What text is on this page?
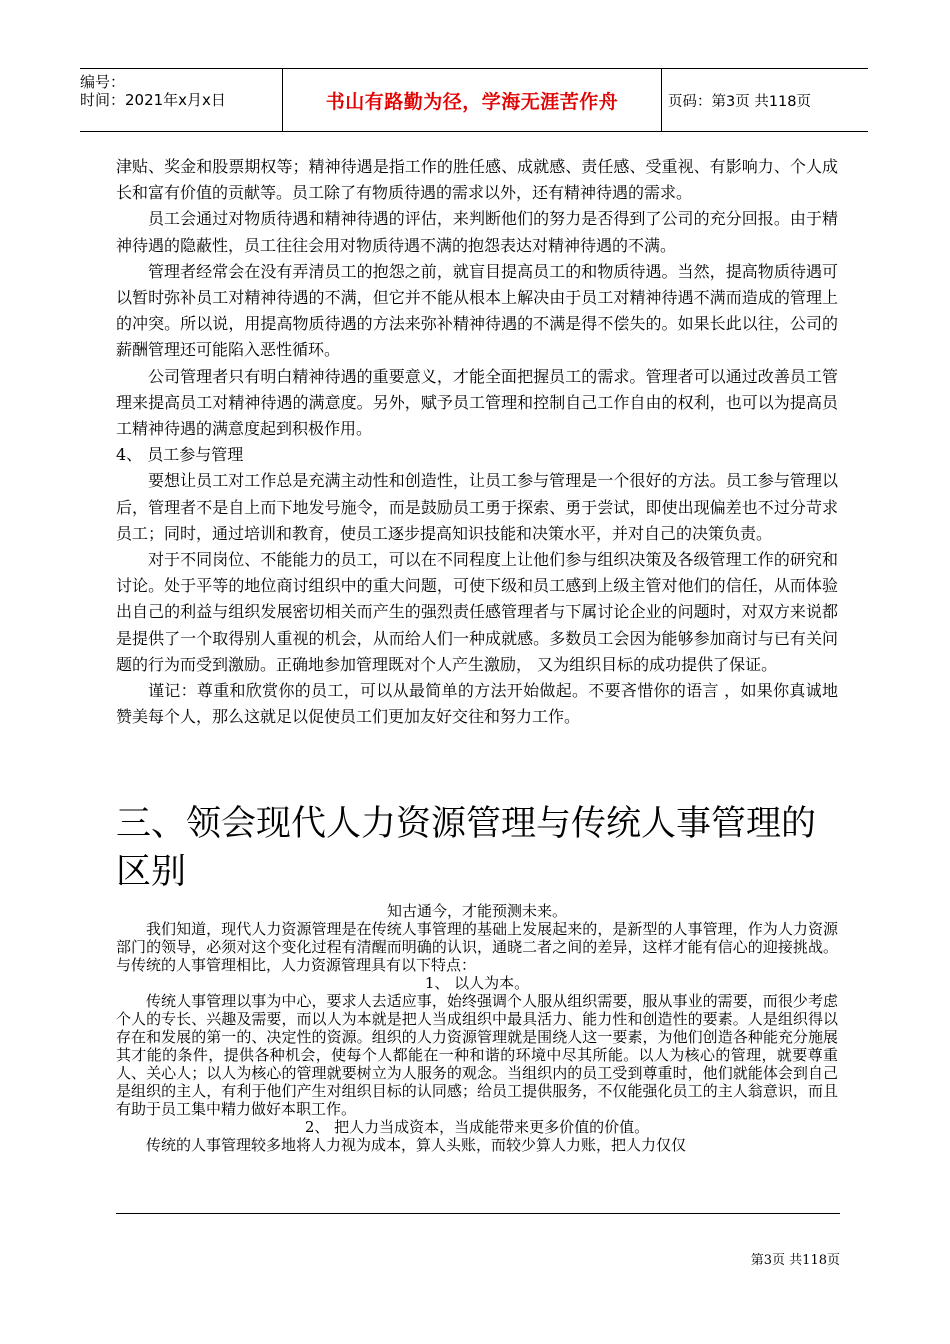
编号：
时间：2021年x月x日	书山有路勤为径，学海无涯苦作舟	页码：第3页 共118页

津贴、奖金和股票期权等；精神待遇是指工作的胜任感、成就感、责任感、受重视、有影响力、个人成长和富有价值的贡献等。员工除了有物质待遇的需求以外，还有精神待遇的需求。

员工会通过对物质待遇和精神待遇的评估，来判断他们的努力是否得到了公司的充分回报。由于精神待遇的隐蔽性，员工往往会用对物质待遇不满的抱怨表达对精神待遇的不满。

管理者经常会在没有弄清员工的抱怨之前，就盲目提高员工的和物质待遇。当然，提高物质待遇可以暂时弥补员工对精神待遇的不满，但它并不能从根本上解决由于员工对精神待遇不满而造成的管理上的冲突。所以说，用提高物质待遇的方法来弥补精神待遇的不满是得不偿失的。如果长此以往，公司的薪酬管理还可能陷入恶性循环。

公司管理者只有明白精神待遇的重要意义，才能全面把握员工的需求。管理者可以通过改善员工管理来提高员工对精神待遇的满意度。另外，赋予员工管理和控制自己工作自由的权利，也可以为提高员工精神待遇的满意度起到积极作用。

4、 员工参与管理

要想让员工对工作总是充满主动性和创造性，让员工参与管理是一个很好的方法。员工参与管理以后，管理者不是自上而下地发号施令，而是鼓励员工勇于探索、勇于尝试，即使出现偏差也不过分苛求员工；同时，通过培训和教育，使员工逐步提高知识技能和决策水平，并对自己的决策负责。

对于不同岗位、不能能力的员工，可以在不同程度上让他们参与组织决策及各级管理工作的研究和讨论。处于平等的地位商讨组织中的重大问题，可使下级和员工感到上级主管对他们的信任，从而体验出自己的利益与组织发展密切相关而产生的强烈责任感管理者与下属讨论企业的问题时，对双方来说都是提供了一个取得别人重视的机会，从而给人们一种成就感。多数员工会因为能够参加商讨与已有关问题的行为而受到激励。正确地参加管理既对个人产生激励， 又为组织目标的成功提供了保证。

谨记：尊重和欣赏你的员工，可以从最简单的方法开始做起。不要吝惜你的语言 ，如果你真诚地赞美每个人，那么这就足以促使员工们更加友好交往和努力工作。

三、领会现代人力资源管理与传统人事管理的区别

知古通今，才能预测未来。

我们知道，现代人力资源管理是在传统人事管理的基础上发展起来的，是新型的人事管理，作为人力资源部门的领导，必须对这个变化过程有清醒而明确的认识，通晓二者之间的差异，这样才能有信心的迎接挑战。与传统的人事管理相比，人力资源管理具有以下特点：

1、 以人为本。

传统人事管理以事为中心，要求人去适应事，始终强调个人服从组织需要，服从事业的需要，而很少考虑个人的专长、兴趣及需要，而以人为本就是把人当成组织中最具活力、能力性和创造性的要素。人是组织得以存在和发展的第一的、决定性的资源。组织的人力资源管理就是围绕人这一要素，为他们创造各种能充分施展其才能的条件，提供各种机会，使每个人都能在一种和谐的环境中尽其所能。以人为核心的管理，就要尊重人、关心人；以人为核心的管理就要树立为人服务的观念。当组织内的员工受到尊重时，他们就能体会到自己是组织的主人，有利于他们产生对组织目标的认同感；给员工提供服务，不仅能强化员工的主人翁意识，而且有助于员工集中精力做好本职工作。

2、 把人力当成资本，当成能带来更多价值的价值。

传统的人事管理较多地将人力视为成本，算人头账，而较少算人力账，把人力仅仅

第3页 共118页
